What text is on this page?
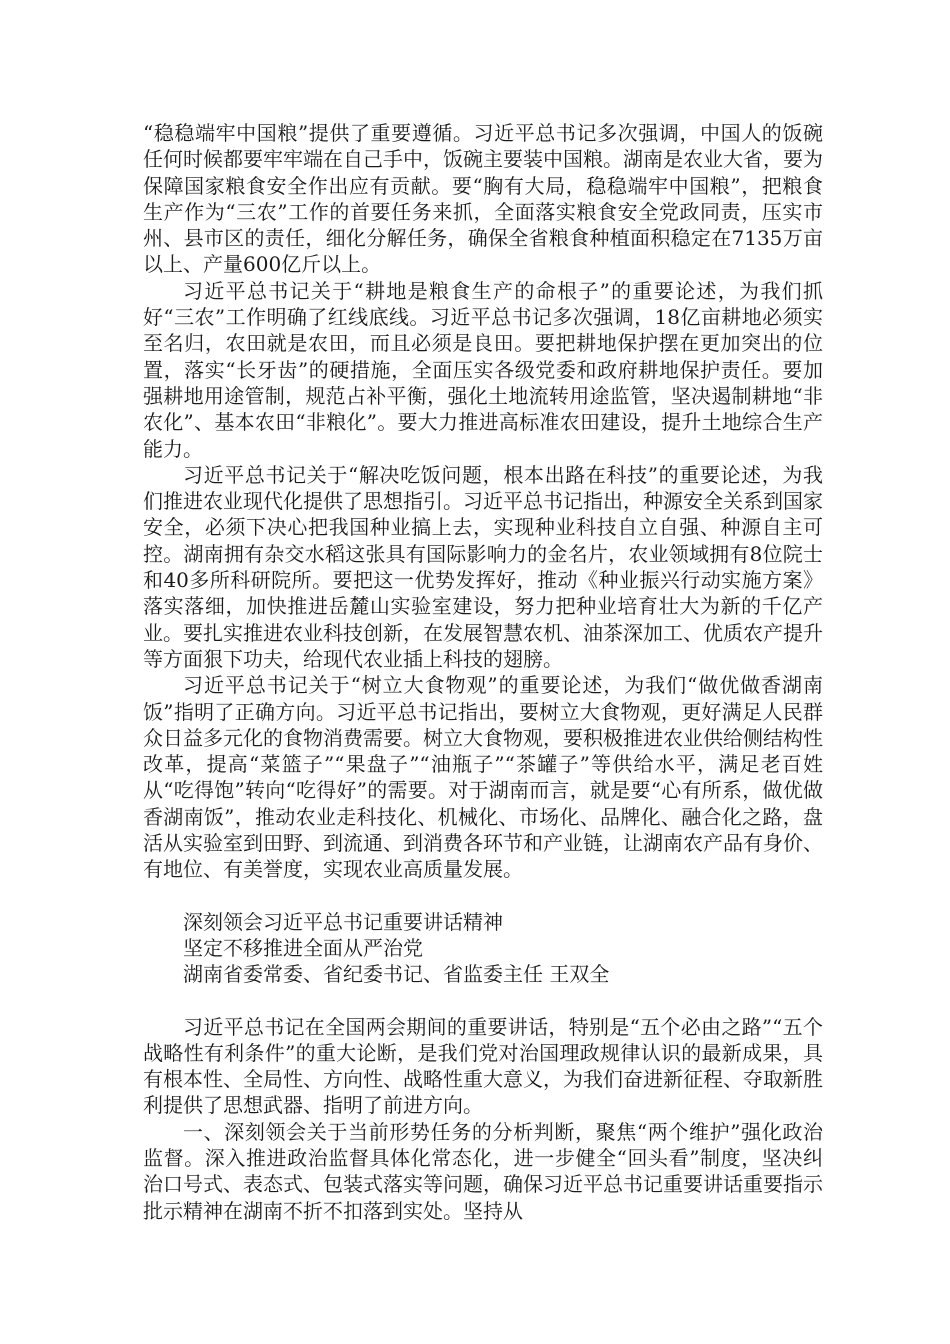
“稳稳端牢中国粮”提供了重要遵循。习近平总书记多次强调，中国人的饭碗任何时候都要牢牢端在自己手中，饭碗主要装中国粮。湖南是农业大省，要为保障国家粮食安全作出应有贡献。要“胸有大局，稳稳端牢中国粮”，把粮食生产作为“三农”工作的首要任务来抓，全面落实粮食安全党政同责，压实市州、县市区的责任，细化分解任务，确保全省粮食种植面积稳定在7135万亩以上、产量600亿斤以上。

习近平总书记关于“耕地是粮食生产的命根子”的重要论述，为我们抓好“三农”工作明确了红线底线。习近平总书记多次强调，18亿亩耕地必须实至名归，农田就是农田，而且必须是良田。要把耕地保护摆在更加突出的位置，落实“长牙齿”的硬措施，全面压实各级党委和政府耕地保护责任。要加强耕地用途管制，规范占补平衡，强化土地流转用途监管，坚决遏制耕地“非农化”、基本农田“非粮化”。要大力推进高标准农田建设，提升土地综合生产能力。

习近平总书记关于“解决吃饭问题，根本出路在科技”的重要论述，为我们推进农业现代化提供了思想指引。习近平总书记指出，种源安全关系到国家安全，必须下决心把我国种业搞上去，实现种业科技自立自强、种源自主可控。湖南拥有杂交水稻这张具有国际影响力的金名片，农业领域拥有8位院士和40多所科研院所。要把这一优势发挥好，推动《种业振兴行动实施方案》落实落细，加快推进岳麓山实验室建设，努力把种业培育壮大为新的千亿产业。要扎实推进农业科技创新，在发展智慧农机、油茶深加工、优质农产提升等方面狠下功夫，给现代农业插上科技的翅膀。

习近平总书记关于“树立大食物观”的重要论述，为我们“做优做香湖南饭”指明了正确方向。习近平总书记指出，要树立大食物观，更好满足人民群众日益多元化的食物消费需要。树立大食物观，要积极推进农业供给侧结构性改革，提高“菜篮子”“果盘子”“油瓶子”“茶罐子”等供给水平，满足老百姓从“吃得饱”转向“吃得好”的需要。对于湖南而言，就是要“心有所系，做优做香湖南饭”，推动农业走科技化、机械化、市场化、品牌化、融合化之路，盘活从实验室到田野、到流通、到消费各环节和产业链，让湖南农产品有身价、有地位、有美誉度，实现农业高质量发展。

深刻领会习近平总书记重要讲话精神
坚定不移推进全面从严治党
湖南省委常委、省纪委书记、省监委主任 王双全

习近平总书记在全国两会期间的重要讲话，特别是“五个必由之路”“五个战略性有利条件”的重大论断，是我们党对治国理政规律认识的最新成果，具有根本性、全局性、方向性、战略性重大意义，为我们奋进新征程、夺取新胜利提供了思想武器、指明了前进方向。

一、深刻领会关于当前形势任务的分析判断，聚焦“两个维护”强化政治监督。深入推进政治监督具体化常态化，进一步健全“回头看”制度，坚决纠治口号式、表态式、包装式落实等问题，确保习近平总书记重要讲话重要指示批示精神在湖南不折不扣落到实处。坚持从
